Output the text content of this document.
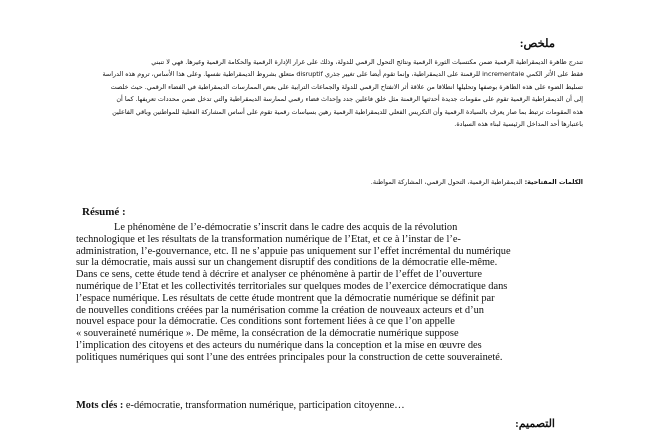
ملخص:
تندرج ظاهرة الديمقراطية الرقمية ضمن مكتسبات الثورة الرقمية ونتائج التحول الرقمي للدولة، وذلك على غرار الإدارة الرقمية والحكامة الرقمية وغيرها. فهي لا تنبني
فقط على الأثر الكمي incrementale للرقمنة على الديمقراطية، وإنما تقوم أيضا على تغيير جذري disruptif متعلق بشروط الديمقراطية نفسها. وعلى هذا الأساس، تروم هذه الدراسة
تسليط الضوء على هذه الظاهرة بوصفها وتحليلها انطلاقا من علاقة أثر الانفتاح الرقمي للدولة والجماعات الترابية على بعض الممارسات الديمقراطية في الفضاء الرقمي. حيث خلصت
إلى أن الديمقراطية الرقمية تقوم على مقومات جديدة أحدثتها الرقمنة مثل خلق فاعلين جدد وإحداث فضاء رقمي لممارسة الديمقراطية والتي تدخل ضمن محددات تعريفها. كما أن
هذه المقومات ترتبط بما صار يعرف بالسيادة الرقمية وأن التكريس الفعلي للديمقراطية الرقمية رهين بسياسات رقمية تقوم على أساس المشاركة الفعلية للمواطنين وباقي الفاعلين
باعتبارها أحد المداخل الرئيسية لبناء هذه السيادة.
الكلمات المفتاحية: الديمقراطية الرقمية، التحول الرقمي، المشاركة المواطنة.
Résumé :
Le phénomène de l’e-démocratie s’inscrit dans le cadre des acquis de la révolution
technologique et les résultats de la transformation numérique de l’Etat, et ce à l’instar de l’e-
administration, l’e-gouvernance, etc. Il ne s’appuie pas uniquement sur l’effet incrémental du numérique
sur la démocratie, mais aussi sur un changement disruptif des conditions de la démocratie elle-même.
Dans ce sens, cette étude tend à décrire et analyser ce phénomène à partir de l’effet de l’ouverture
numérique de l’Etat et les collectivités territoriales sur quelques modes de l’exercice démocratique dans
l’espace numérique. Les résultats de cette étude montrent que la démocratie numérique se définit par
de nouvelles conditions créées par la numérisation comme la création de nouveaux acteurs et d’un
nouvel espace pour la démocratie. Ces conditions sont fortement liées à ce que l’on appelle
« souveraineté numérique ». De même, la consécration de la démocratie numérique suppose
l’implication des citoyens et des acteurs du numérique dans la conception et la mise en œuvre des
politiques numériques qui sont l’une des entrées principales pour la construction de cette souveraineté.
Mots clés : e-démocratie, transformation numérique, participation citoyenne…
التصميم:
